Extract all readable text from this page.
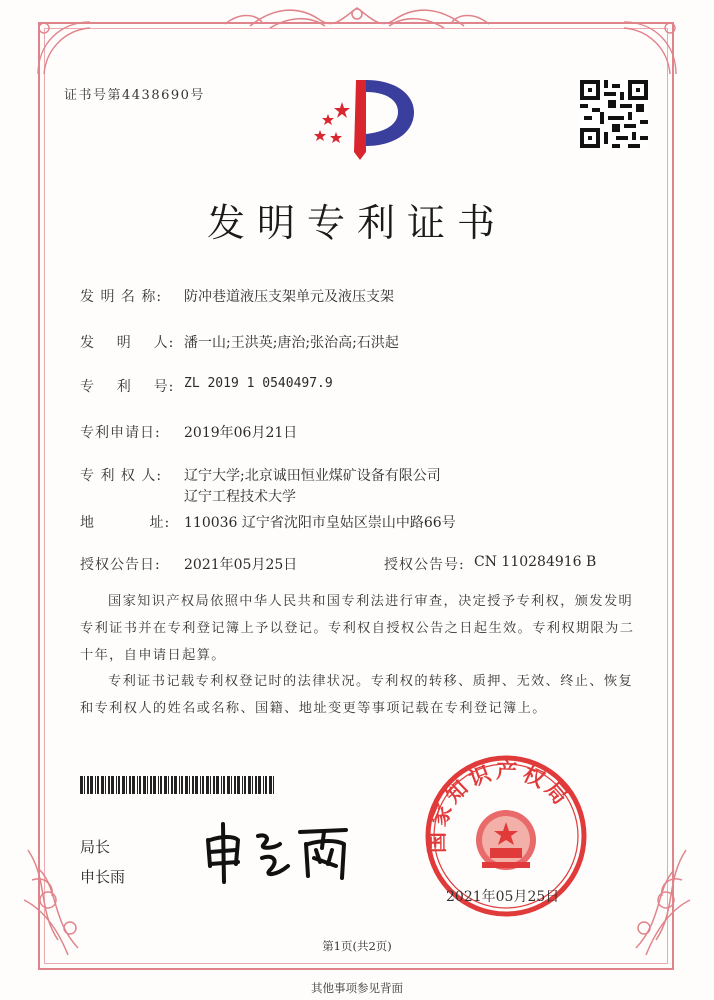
证书号第4438690号
发明专利证书
发 明 名 称: 防冲巷道液压支架单元及液压支架
发    明    人: 潘一山;王洪英;唐治;张治高;石洪起
专    利    号: ZL 2019 1 0540497.9
专利申请日: 2019年06月21日
专 利 权 人: 辽宁大学;北京诚田恒业煤矿设备有限公司
辽宁工程技术大学
地          址: 110036 辽宁省沈阳市皇姑区崇山中路66号
授权公告日: 2021年05月25日	授权公告号: CN 110284916 B
国家知识产权局依照中华人民共和国专利法进行审查，决定授予专利权，颁发发明专利证书并在专利登记簿上予以登记。专利权自授权公告之日起生效。专利权期限为二十年，自申请日起算。
专利证书记载专利权登记时的法律状况。专利权的转移、质押、无效、终止、恢复和专利权人的姓名或名称、国籍、地址变更等事项记载在专利登记簿上。
局长
申长雨
国家知识产权局
2021年05月25日
第1页(共2页)
其他事项参见背面
